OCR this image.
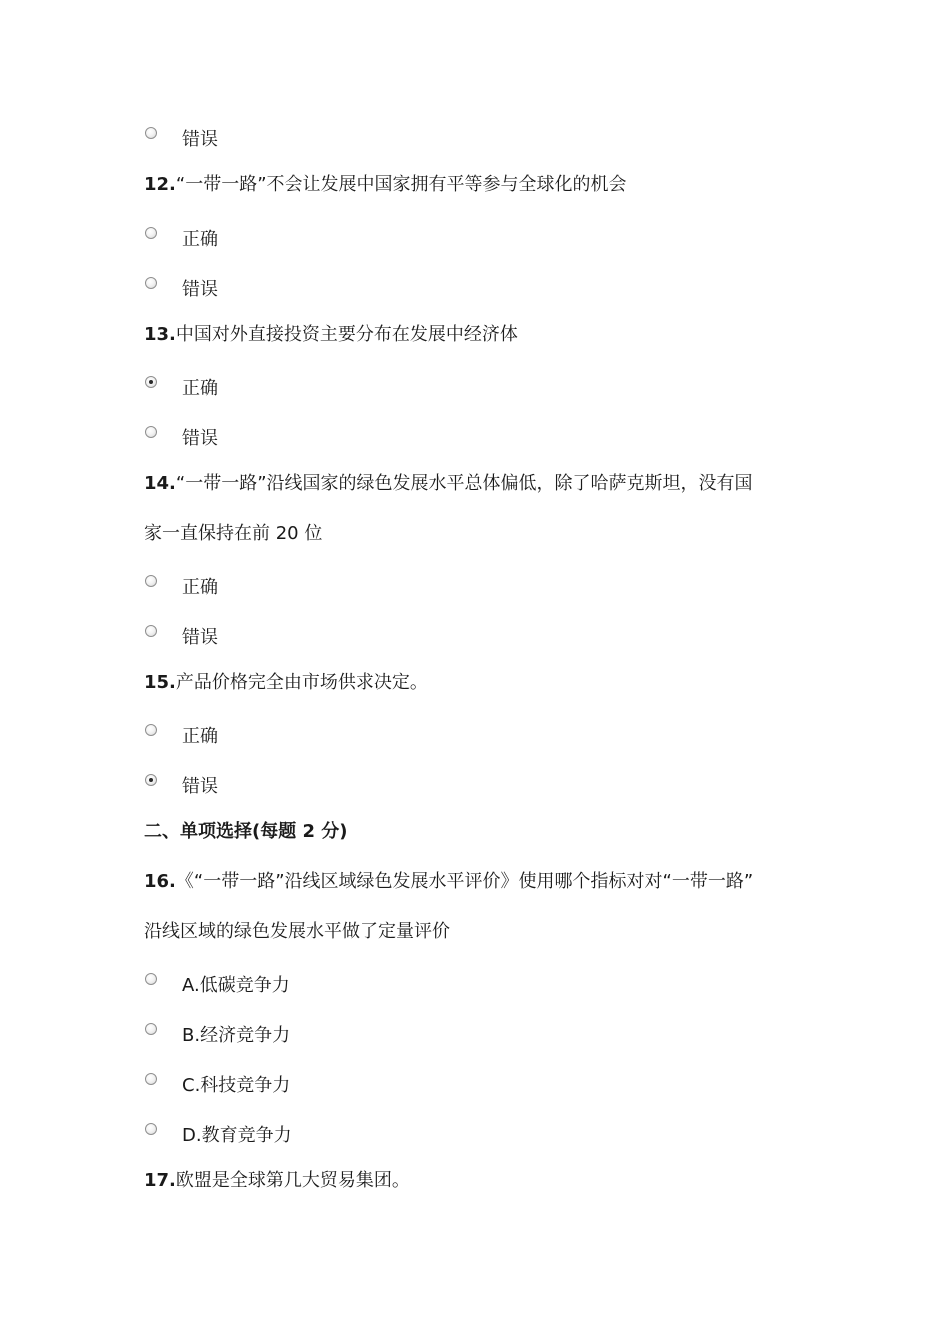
错误
12.“一带一路”不会让发展中国家拥有平等参与全球化的机会
正确
错误
13.中国对外直接投资主要分布在发展中经济体
正确
错误
14.“一带一路”沿线国家的绿色发展水平总体偏低，除了哈萨克斯坦，没有国
家一直保持在前 20 位
正确
错误
15.产品价格完全由市场供求决定。
正确
错误
二、单项选择(每题 2 分)
16.《“一带一路”沿线区域绿色发展水平评价》使用哪个指标对对“一带一路”
沿线区域的绿色发展水平做了定量评价
A.低碳竞争力
B.经济竞争力
C.科技竞争力
D.教育竞争力
17.欧盟是全球第几大贸易集团。
